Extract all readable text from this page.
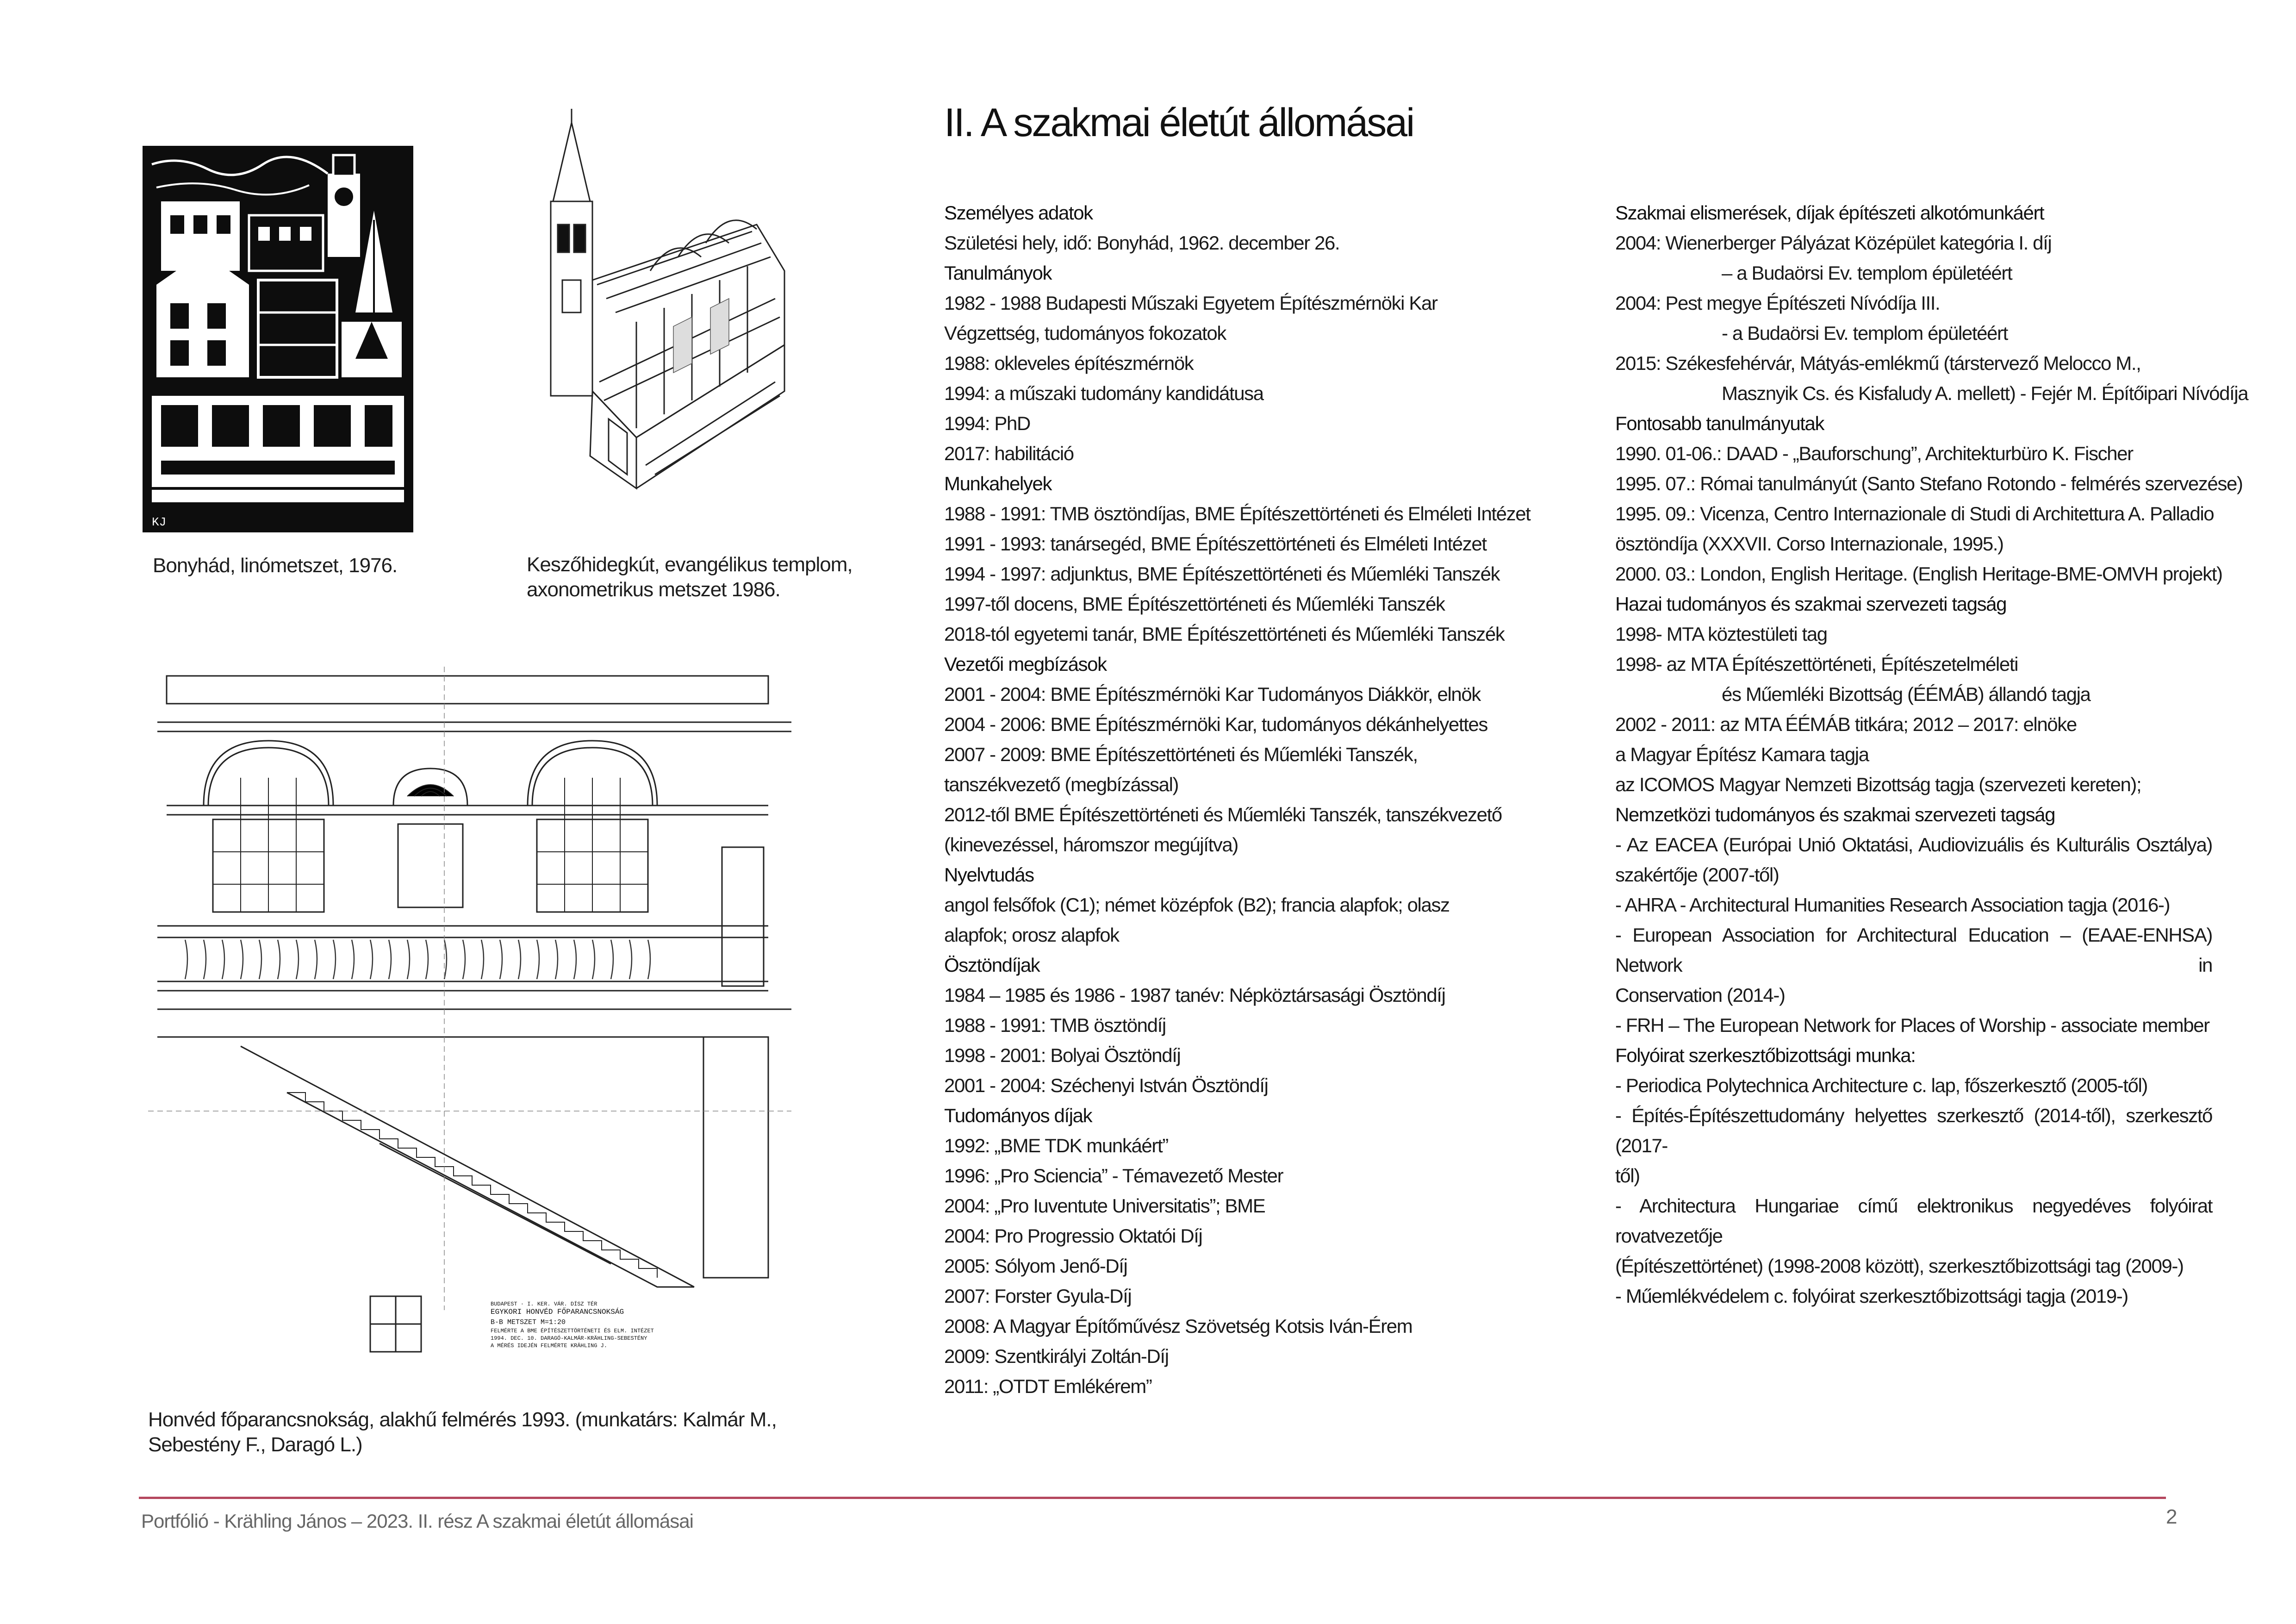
II. A szakmai életút állomásai
KJ
Bonyhád, linómetszet, 1976.	Keszőhidegkút, evangélikus templom,
axonometrikus metszet 1986.
BUDAPEST · I. KER. VÁR. DÍSZ TÉR
EGYKORI HONVÉD FŐPARANCSNOKSÁG
B-B METSZET M=1:20
FELMÉRTE A BME ÉPÍTÉSZETTÖRTÉNETI ÉS ELM. INTÉZET
1994. DEC. 10. DARAGÓ-KALMÁR-KRÄHLING-SEBESTÉNY
A MÉRÉS IDEJÉN FELMÉRTE KRÄHLING J.
Honvéd főparancsnokság, alakhű felmérés 1993. (munkatárs: Kalmár M.,
Sebestény F., Daragó L.)
Személyes adatok
Születési hely, idő: Bonyhád, 1962. december 26.
Tanulmányok
1982 - 1988 Budapesti Műszaki Egyetem Építészmérnöki Kar
Végzettség, tudományos fokozatok
1988: okleveles építészmérnök
1994: a műszaki tudomány kandidátusa
1994: PhD
2017: habilitáció
Munkahelyek
1988 - 1991: TMB ösztöndíjas, BME Építészettörténeti és Elméleti Intézet
1991 - 1993: tanársegéd, BME Építészettörténeti és Elméleti Intézet
1994 - 1997: adjunktus, BME Építészettörténeti és Műemléki Tanszék
1997-től docens, BME Építészettörténeti és Műemléki Tanszék
2018-tól egyetemi tanár, BME Építészettörténeti és Műemléki Tanszék
Vezetői megbízások
2001 - 2004: BME Építészmérnöki Kar Tudományos Diákkör, elnök
2004 - 2006: BME Építészmérnöki Kar, tudományos dékánhelyettes
2007 - 2009: BME Építészettörténeti és Műemléki Tanszék,
tanszékvezető (megbízással)
2012-től BME Építészettörténeti és Műemléki Tanszék, tanszékvezető
(kinevezéssel, háromszor megújítva)
Nyelvtudás
angol felsőfok (C1); német középfok (B2); francia alapfok; olasz alapfok; orosz alapfok
Ösztöndíjak
1984 – 1985 és 1986 - 1987 tanév: Népköztársasági Ösztöndíj
1988 - 1991: TMB ösztöndíj
1998 - 2001: Bolyai Ösztöndíj
2001 - 2004: Széchenyi István Ösztöndíj
Tudományos díjak
1992: „BME TDK munkáért”
1996: „Pro Sciencia” - Témavezető Mester
2004: „Pro Iuventute Universitatis”; BME
2004: Pro Progressio Oktatói Díj
2005: Sólyom Jenő-Díj
2007: Forster Gyula-Díj
2008: A Magyar Építőművész Szövetség Kotsis Iván-Érem
2009: Szentkirályi Zoltán-Díj
2011: „OTDT Emlékérem”
Szakmai elismerések, díjak építészeti alkotómunkáért
2004: Wienerberger Pályázat Középület kategória I. díj
– a Budaörsi Ev. templom épületéért
2004: Pest megye Építészeti Nívódíja III.
- a Budaörsi Ev. templom épületéért
2015: Székesfehérvár, Mátyás-emlékmű (társtervező Melocco M.,
Masznyik Cs. és Kisfaludy A. mellett) - Fejér M. Építőipari Nívódíja
Fontosabb tanulmányutak
1990. 01-06.: DAAD - „Bauforschung”, Architekturbüro K. Fischer
1995. 07.: Római tanulmányút (Santo Stefano Rotondo - felmérés szervezése)
1995. 09.: Vicenza, Centro Internazionale di Studi di Architettura A. Palladio
ösztöndíja (XXXVII. Corso Internazionale, 1995.)
2000. 03.: London, English Heritage. (English Heritage-BME-OMVH projekt)
Hazai tudományos és szakmai szervezeti tagság
1998- MTA köztestületi tag
1998- az MTA Építészettörténeti, Építészetelméleti
és Műemléki Bizottság (ÉÉMÁB) állandó tagja
2002 - 2011: az MTA ÉÉMÁB titkára; 2012 – 2017: elnöke
a Magyar Építész Kamara tagja
az ICOMOS Magyar Nemzeti Bizottság tagja (szervezeti kereten);
Nemzetközi tudományos és szakmai szervezeti tagság
- Az EACEA (Európai Unió Oktatási, Audiovizuális és Kulturális Osztálya)
szakértője (2007-től)
- AHRA - Architectural Humanities Research Association tagja (2016-)
- European Association for Architectural Education – (EAAE-ENHSA) Network in
Conservation (2014-)
- FRH – The European Network for Places of Worship - associate member
Folyóirat szerkesztőbizottsági munka:
- Periodica Polytechnica Architecture c. lap, főszerkesztő (2005-től)
- Építés-Építészettudomány helyettes szerkesztő (2014-től), szerkesztő (2017-
től)
- Architectura Hungariae című elektronikus negyedéves folyóirat rovatvezetője
(Építészettörténet) (1998-2008 között), szerkesztőbizottsági tag (2009-)
- Műemlékvédelem c. folyóirat szerkesztőbizottsági tagja (2019-)
Portfólió - Krähling János – 2023. II. rész A szakmai életút állomásai	2
